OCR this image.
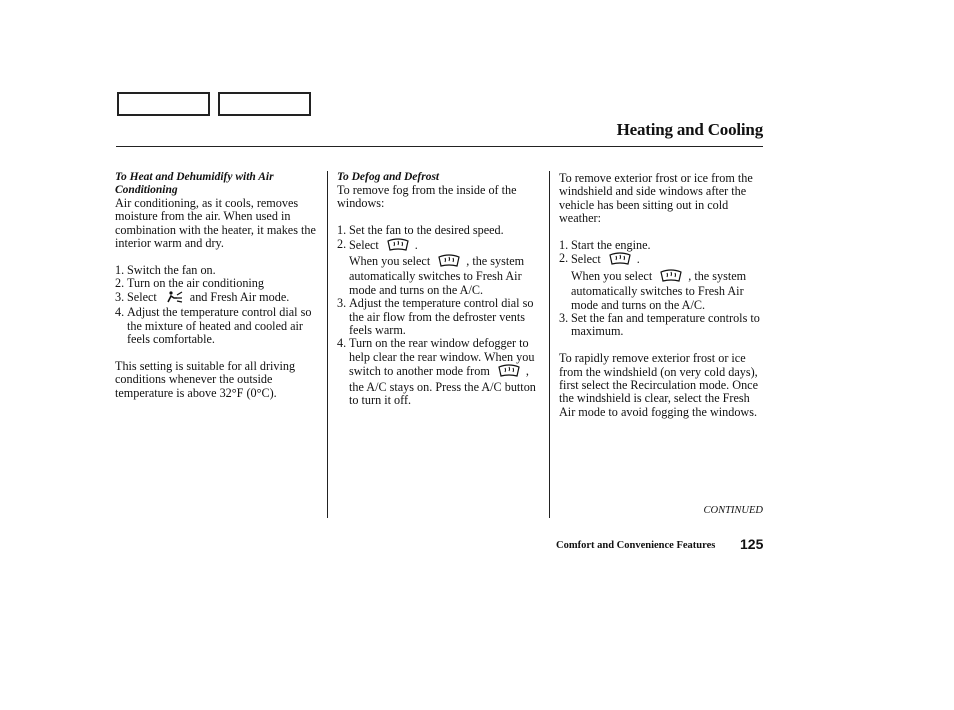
Heating and Cooling

To Heat and Dehumidify with Air Conditioning

Air conditioning, as it cools, removes moisture from the air. When used in combination with the heater, it makes the interior warm and dry.

1. Switch the fan on.

2. Turn on the air conditioning

3. Select	and Fresh Air mode.

4. Adjust the temperature control dial so the mixture of heated and cooled air feels comfortable.

This setting is suitable for all driving conditions whenever the outside temperature is above 32°F (0°C).

To Defog and Defrost

To remove fog from the inside of the windows:

1. Set the fan to the desired speed.

2. Select	.
When you select	, the system automatically switches to Fresh Air mode and turns on the A/C.

3. Adjust the temperature control dial so the air flow from the defroster vents feels warm.

4. Turn on the rear window defogger to help clear the rear window. When you switch to another mode from	, the A/C stays on. Press the A/C button to turn it off.

To remove exterior frost or ice from the windshield and side windows after the vehicle has been sitting out in cold weather:

1. Start the engine.

2. Select	.
When you select	, the system automatically switches to Fresh Air mode and turns on the A/C.

3. Set the fan and temperature controls to maximum.

To rapidly remove exterior frost or ice from the windshield (on very cold days), first select the Recirculation mode. Once the windshield is clear, select the Fresh Air mode to avoid fogging the windows.

CONTINUED
Comfort and Convenience Features 125
